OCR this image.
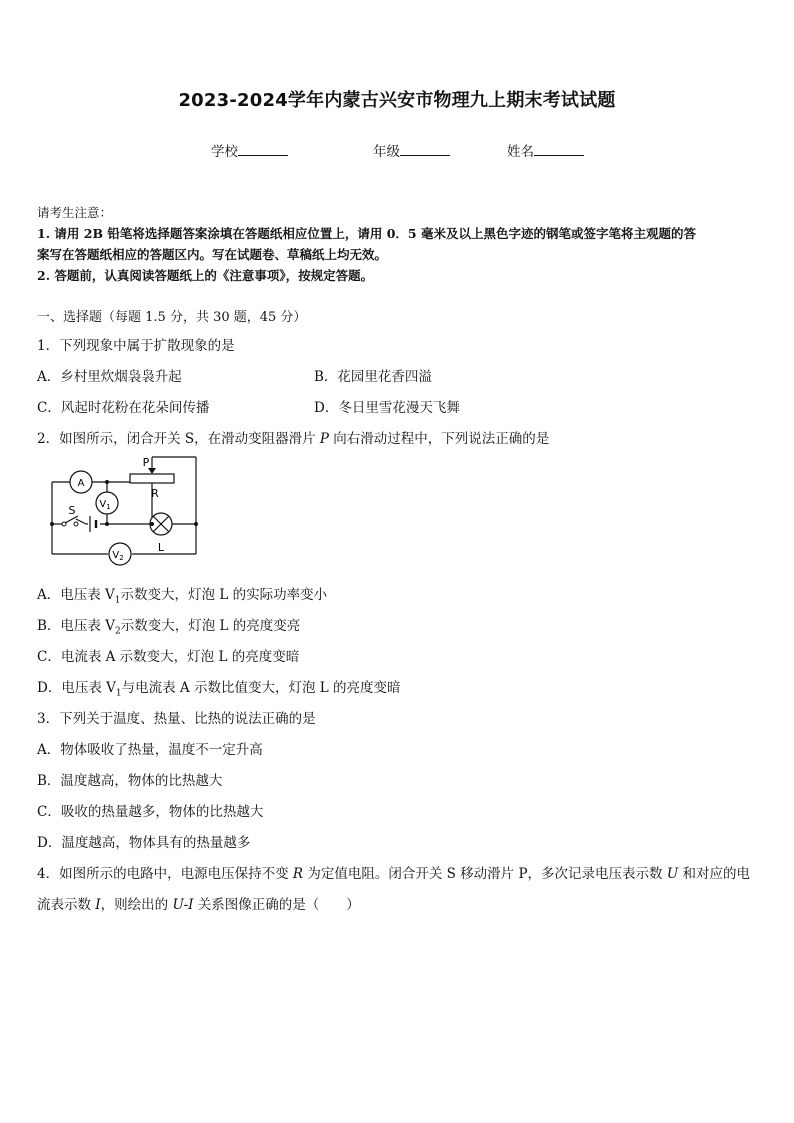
2023-2024学年内蒙古兴安市物理九上期末考试试题
学校	年级	姓名
请考生注意：
1. 请用 2B 铅笔将选择题答案涂填在答题纸相应位置上，请用 0．5 毫米及以上黑色字迹的钢笔或签字笔将主观题的答
案写在答题纸相应的答题区内。写在试题卷、草稿纸上均无效。
2. 答题前，认真阅读答题纸上的《注意事项》，按规定答题。
一、选择题（每题 1.5 分，共 30 题，45 分）
1．下列现象中属于扩散现象的是
A．乡村里炊烟袅袅升起	B．花园里花香四溢
C．风起时花粉在花朵间传播	D．冬日里雪花漫天飞舞
2．如图所示，闭合开关 S，在滑动变阻器滑片 P 向右滑动过程中，下列说法正确的是
A
P
R
$V_1$
S
L
$V_2$
A．电压表 $V_1$示数变大，灯泡 L 的实际功率变小
B．电压表 $V_2$示数变大，灯泡 L 的亮度变亮
C．电流表 A 示数变大，灯泡 L 的亮度变暗
D．电压表 $V_1$与电流表 A 示数比值变大，灯泡 L 的亮度变暗
3．下列关于温度、热量、比热的说法正确的是
A．物体吸收了热量，温度不一定升高
B．温度越高，物体的比热越大
C．吸收的热量越多，物体的比热越大
D．温度越高，物体具有的热量越多
4．如图所示的电路中，电源电压保持不变 R 为定值电阻。闭合开关 S 移动滑片 P，多次记录电压表示数 U 和对应的电
流表示数 I，则绘出的 U-I 关系图像正确的是（　　）
